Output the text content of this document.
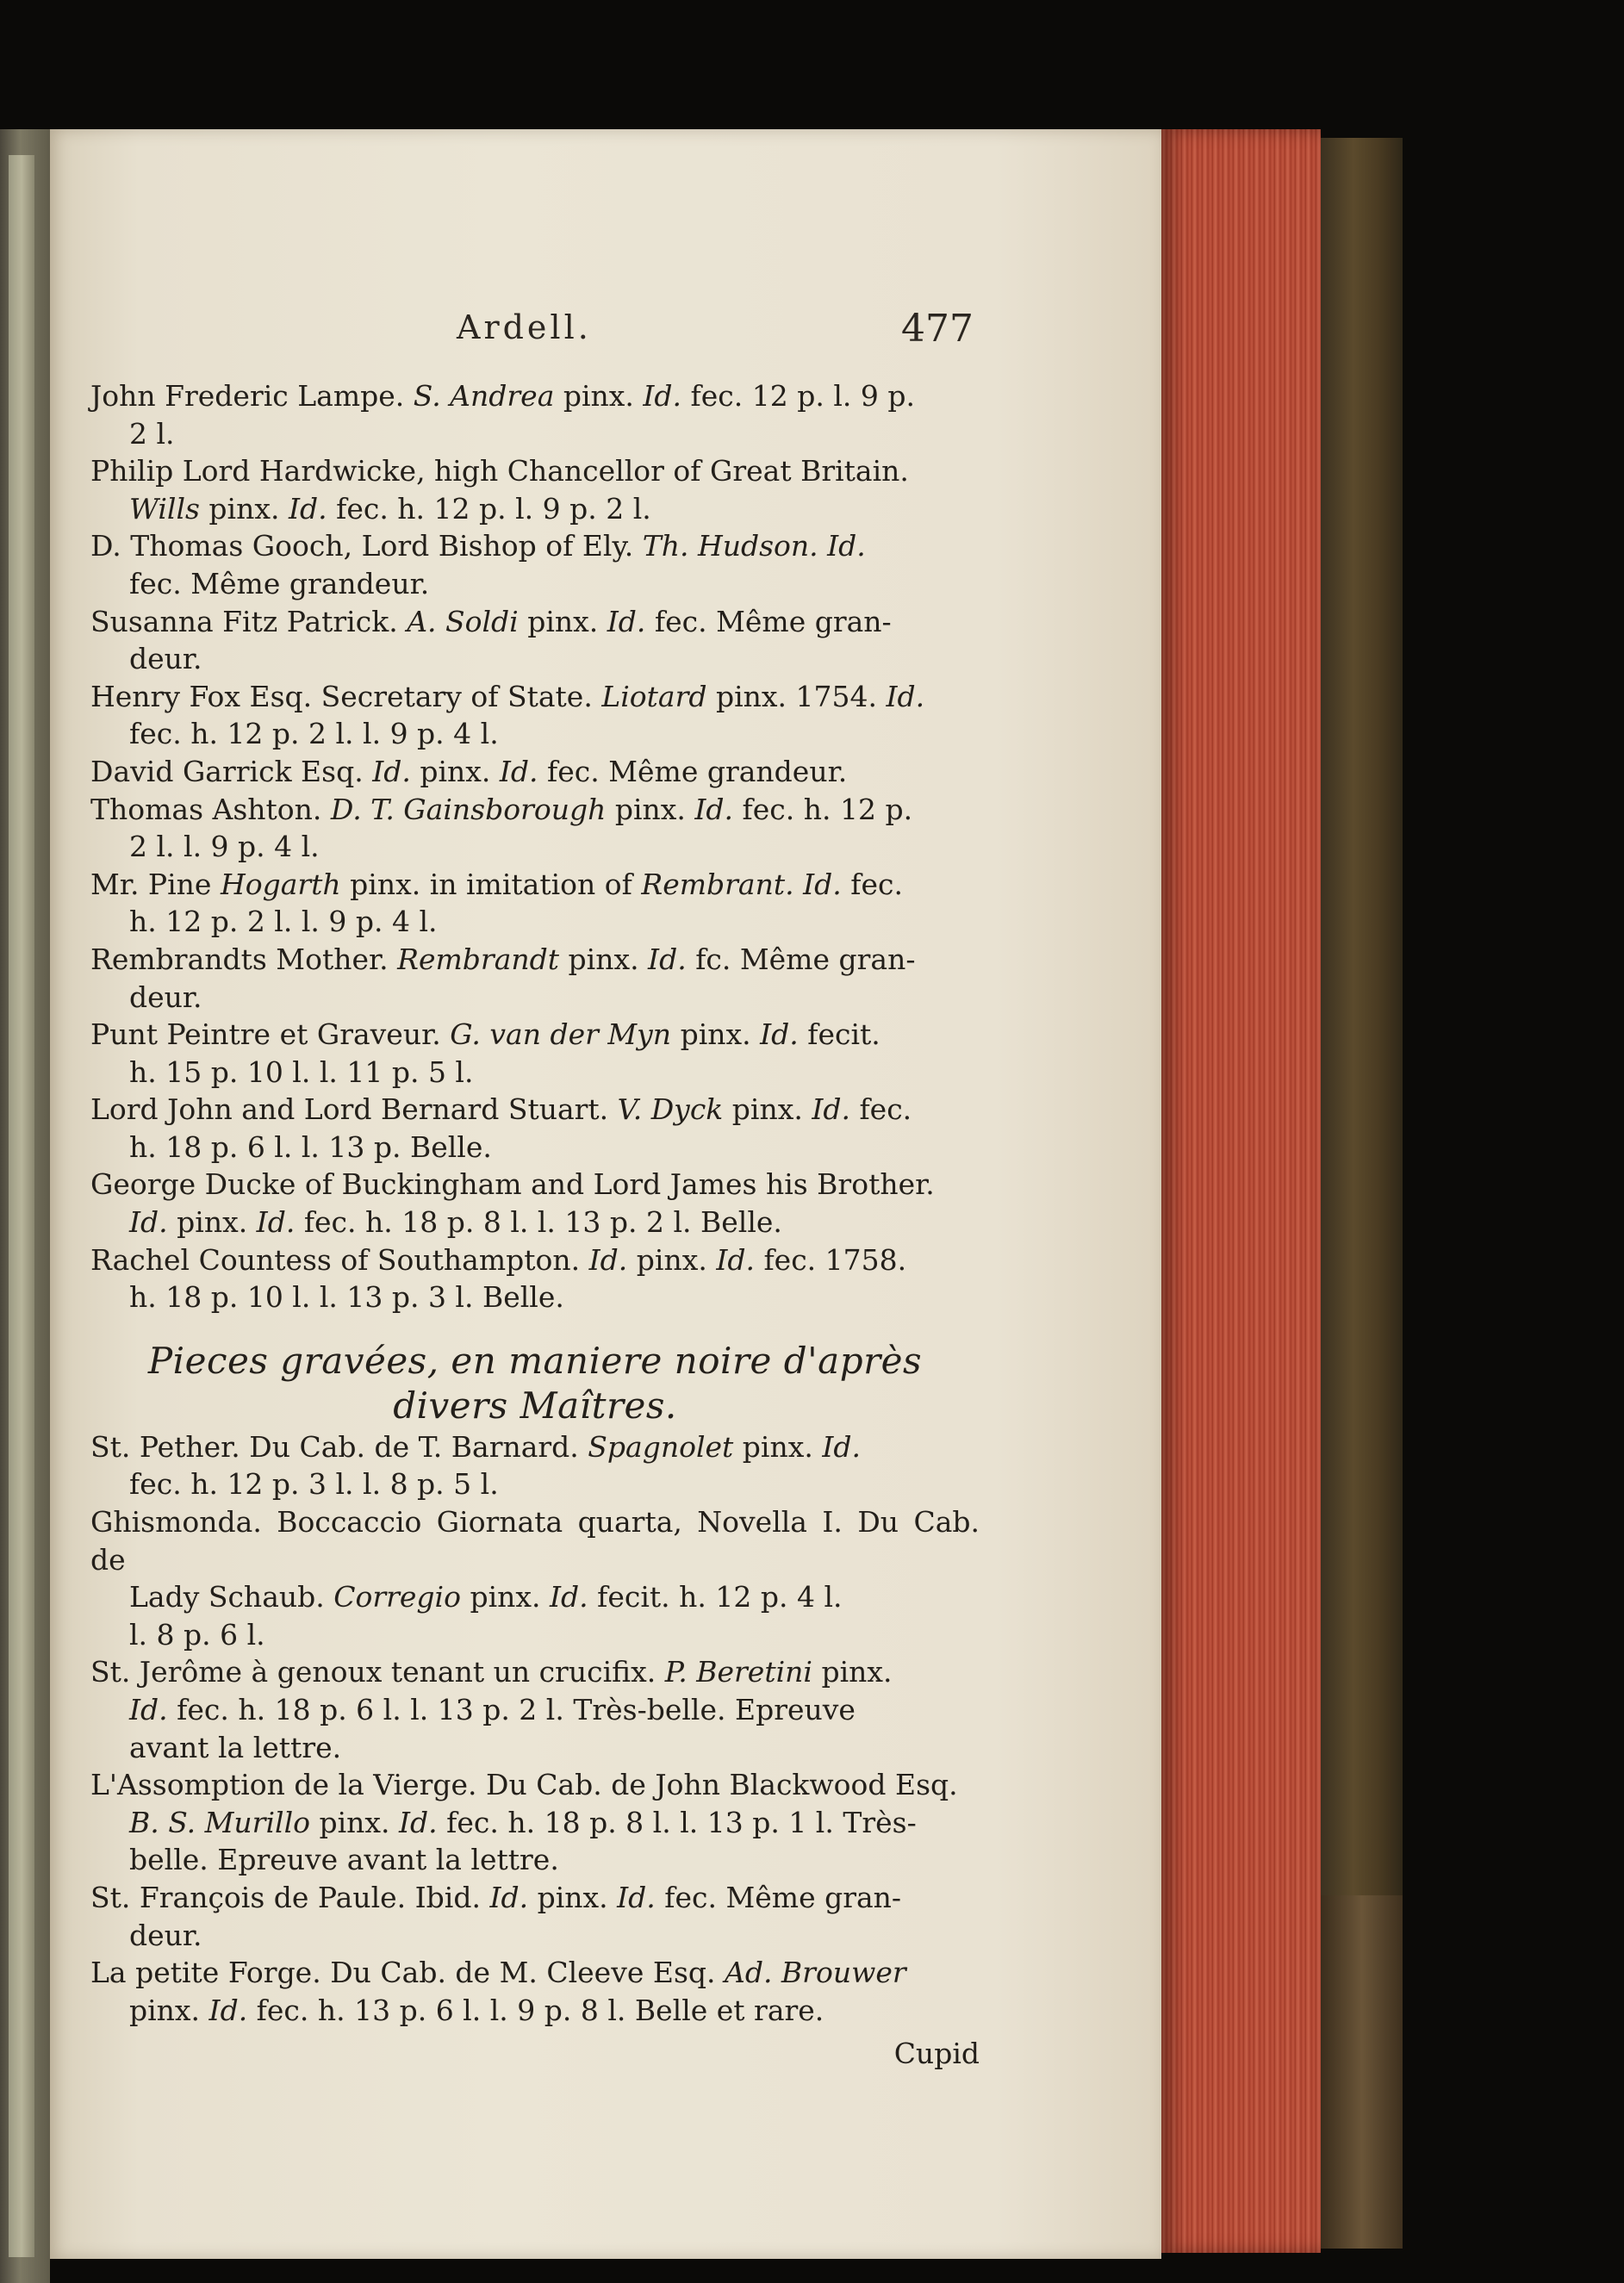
Ardell.	477

John Frederic Lampe. S. Andrea pinx. Id. fec. 12 p. l. 9 p.
2 l.

Philip Lord Hardwicke, high Chancellor of Great Britain.
Wills pinx. Id. fec. h. 12 p. l. 9 p. 2 l.

D. Thomas Gooch, Lord Bishop of Ely. Th. Hudson. Id.
fec. Même grandeur.

Susanna Fitz Patrick. A. Soldi pinx. Id. fec. Même gran-
deur.

Henry Fox Esq. Secretary of State. Liotard pinx. 1754. Id.
fec. h. 12 p. 2 l. l. 9 p. 4 l.

David Garrick Esq. Id. pinx. Id. fec. Même grandeur.

Thomas Ashton. D. T. Gainsborough pinx. Id. fec. h. 12 p.
2 l. l. 9 p. 4 l.

Mr. Pine Hogarth pinx. in imitation of Rembrant. Id. fec.
h. 12 p. 2 l. l. 9 p. 4 l.

Rembrandts Mother. Rembrandt pinx. Id. fc. Même gran-
deur.

Punt Peintre et Graveur. G. van der Myn pinx. Id. fecit.
h. 15 p. 10 l. l. 11 p. 5 l.

Lord John and Lord Bernard Stuart. V. Dyck pinx. Id. fec.
h. 18 p. 6 l. l. 13 p. Belle.

George Ducke of Buckingham and Lord James his Brother.
Id. pinx. Id. fec. h. 18 p. 8 l. l. 13 p. 2 l. Belle.

Rachel Countess of Southampton. Id. pinx. Id. fec. 1758.
h. 18 p. 10 l. l. 13 p. 3 l. Belle.

Pieces gravées, en maniere noire d'après divers Maîtres.

St. Pether. Du Cab. de T. Barnard. Spagnolet pinx. Id.
fec. h. 12 p. 3 l. l. 8 p. 5 l.

Ghismonda. Boccaccio Giornata quarta, Novella I. Du Cab. de
Lady Schaub. Corregio pinx. Id. fecit. h. 12 p. 4 l.
l. 8 p. 6 l.

St. Jerôme à genoux tenant un crucifix. P. Beretini pinx.
Id. fec. h. 18 p. 6 l. l. 13 p. 2 l. Très-belle. Epreuve
avant la lettre.

L'Assomption de la Vierge. Du Cab. de John Blackwood Esq.
B. S. Murillo pinx. Id. fec. h. 18 p. 8 l. l. 13 p. 1 l. Très-
belle. Epreuve avant la lettre.

St. François de Paule. Ibid. Id. pinx. Id. fec. Même gran-
deur.

La petite Forge. Du Cab. de M. Cleeve Esq. Ad. Brouwer
pinx. Id. fec. h. 13 p. 6 l. l. 9 p. 8 l. Belle et rare.

Cupid
